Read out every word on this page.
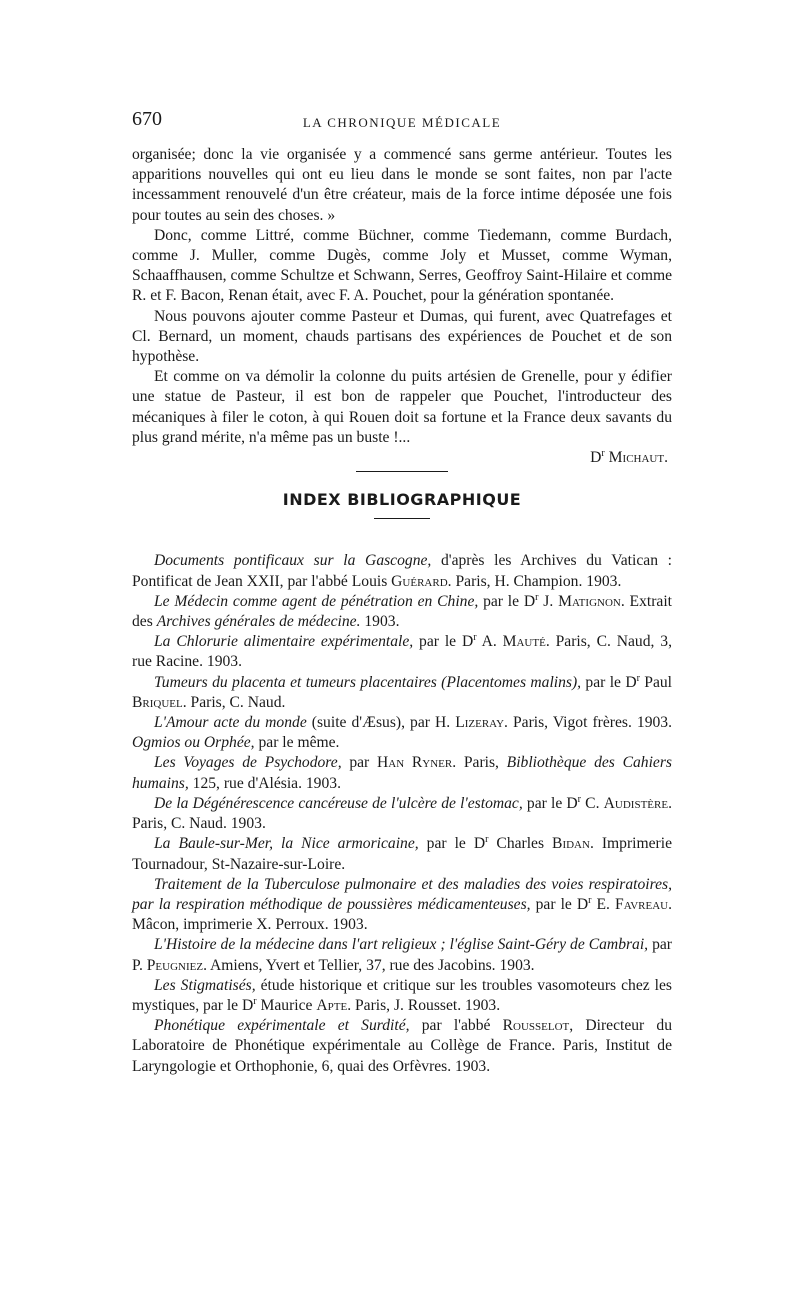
670	LA CHRONIQUE MÉDICALE

organisée; donc la vie organisée y a commencé sans germe antérieur. Toutes les apparitions nouvelles qui ont eu lieu dans le monde se sont faites, non par l'acte incessamment renouvelé d'un être créateur, mais de la force intime déposée une fois pour toutes au sein des choses. »

Donc, comme Littré, comme Büchner, comme Tiedemann, comme Burdach, comme J. Muller, comme Dugès, comme Joly et Musset, comme Wyman, Schaaffhausen, comme Schultze et Schwann, Serres, Geoffroy Saint-Hilaire et comme R. et F. Bacon, Renan était, avec F. A. Pouchet, pour la génération spontanée.

Nous pouvons ajouter comme Pasteur et Dumas, qui furent, avec Quatrefages et Cl. Bernard, un moment, chauds partisans des expériences de Pouchet et de son hypothèse.

Et comme on va démolir la colonne du puits artésien de Grenelle, pour y édifier une statue de Pasteur, il est bon de rappeler que Pouchet, l'introducteur des mécaniques à filer le coton, à qui Rouen doit sa fortune et la France deux savants du plus grand mérite, n'a même pas un buste !...

$D^r$ Michaut.

INDEX BIBLIOGRAPHIQUE

Documents pontificaux sur la Gascogne, d'après les Archives du Vatican : Pontificat de Jean XXII, par l'abbé Louis Guérard. Paris, H. Champion. 1903.

Le Médecin comme agent de pénétration en Chine, par le $D^r$ J. Matignon. Extrait des Archives générales de médecine. 1903.

La Chlorurie alimentaire expérimentale, par le $D^r$ A. Mauté. Paris, C. Naud, 3, rue Racine. 1903.

Tumeurs du placenta et tumeurs placentaires (Placentomes malins), par le $D^r$ Paul Briquel. Paris, C. Naud.

L'Amour acte du monde (suite d'Æsus), par H. Lizeray. Paris, Vigot frères. 1903. Ogmios ou Orphée, par le même.

Les Voyages de Psychodore, par Han Ryner. Paris, Bibliothèque des Cahiers humains, 125, rue d'Alésia. 1903.

De la Dégénérescence cancéreuse de l'ulcère de l'estomac, par le $D^r$ C. Audistère. Paris, C. Naud. 1903.

La Baule-sur-Mer, la Nice armoricaine, par le $D^r$ Charles Bidan. Imprimerie Tournadour, St-Nazaire-sur-Loire.

Traitement de la Tuberculose pulmonaire et des maladies des voies respiratoires, par la respiration méthodique de poussières médicamenteuses, par le $D^r$ E. Favreau. Mâcon, imprimerie X. Perroux. 1903.

L'Histoire de la médecine dans l'art religieux ; l'église Saint-Géry de Cambrai, par P. Peugniez. Amiens, Yvert et Tellier, 37, rue des Jacobins. 1903.

Les Stigmatisés, étude historique et critique sur les troubles vasomoteurs chez les mystiques, par le $D^r$ Maurice Apte. Paris, J. Rousset. 1903.

Phonétique expérimentale et Surdité, par l'abbé Rousselot, Directeur du Laboratoire de Phonétique expérimentale au Collège de France. Paris, Institut de Laryngologie et Orthophonie, 6, quai des Orfèvres. 1903.
